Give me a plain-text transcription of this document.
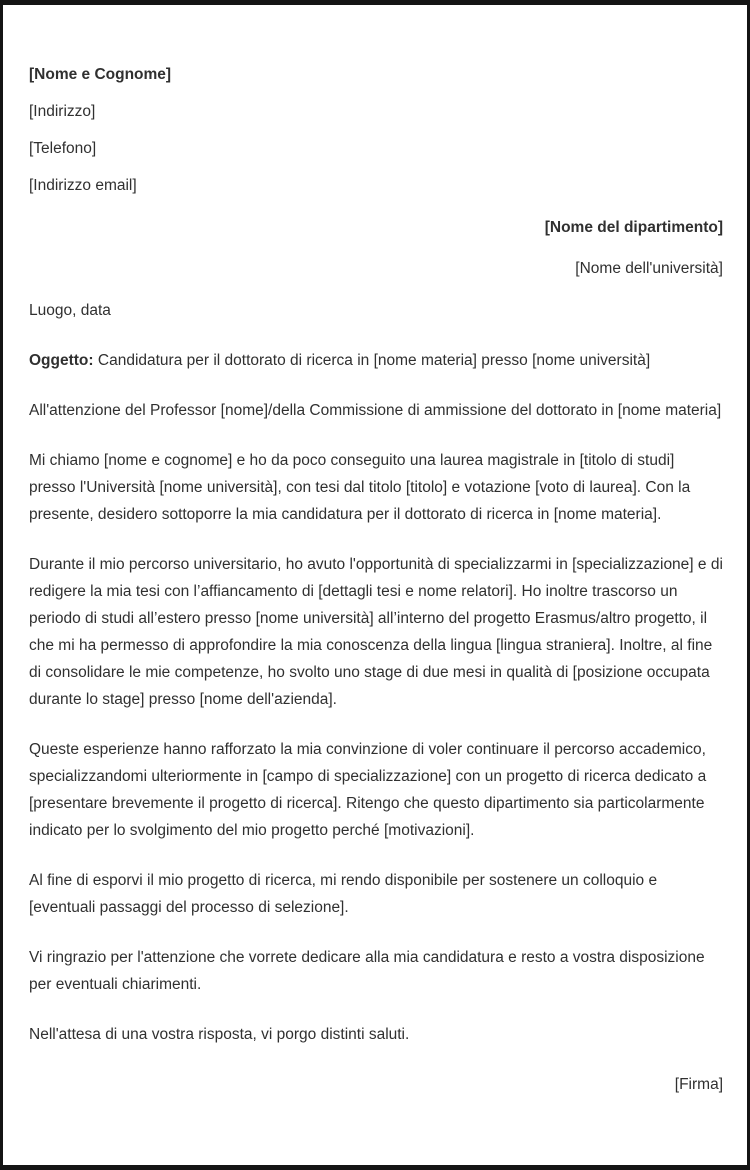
[Nome e Cognome]

[Indirizzo]

[Telefono]

[Indirizzo email]

[Nome del dipartimento]

[Nome dell'università]

Luogo, data

Oggetto: Candidatura per il dottorato di ricerca in [nome materia] presso [nome università]

All'attenzione del Professor [nome]/della Commissione di ammissione del dottorato in [nome materia]

Mi chiamo [nome e cognome] e ho da poco conseguito una laurea magistrale in [titolo di studi] presso l'Università [nome università], con tesi dal titolo [titolo] e votazione [voto di laurea]. Con la presente, desidero sottoporre la mia candidatura per il dottorato di ricerca in [nome materia].

Durante il mio percorso universitario, ho avuto l'opportunità di specializzarmi in [specializzazione] e di redigere la mia tesi con l’affiancamento di [dettagli tesi e nome relatori]. Ho inoltre trascorso un periodo di studi all’estero presso [nome università] all’interno del progetto Erasmus/altro progetto, il che mi ha permesso di approfondire la mia conoscenza della lingua [lingua straniera]. Inoltre, al fine di consolidare le mie competenze, ho svolto uno stage di due mesi in qualità di [posizione occupata durante lo stage] presso [nome dell'azienda].

Queste esperienze hanno rafforzato la mia convinzione di voler continuare il percorso accademico, specializzandomi ulteriormente in [campo di specializzazione] con un progetto di ricerca dedicato a [presentare brevemente il progetto di ricerca]. Ritengo che questo dipartimento sia particolarmente indicato per lo svolgimento del mio progetto perché [motivazioni].

Al fine di esporvi il mio progetto di ricerca, mi rendo disponibile per sostenere un colloquio e [eventuali passaggi del processo di selezione].

Vi ringrazio per l'attenzione che vorrete dedicare alla mia candidatura e resto a vostra disposizione per eventuali chiarimenti.

Nell'attesa di una vostra risposta, vi porgo distinti saluti.

[Firma]
